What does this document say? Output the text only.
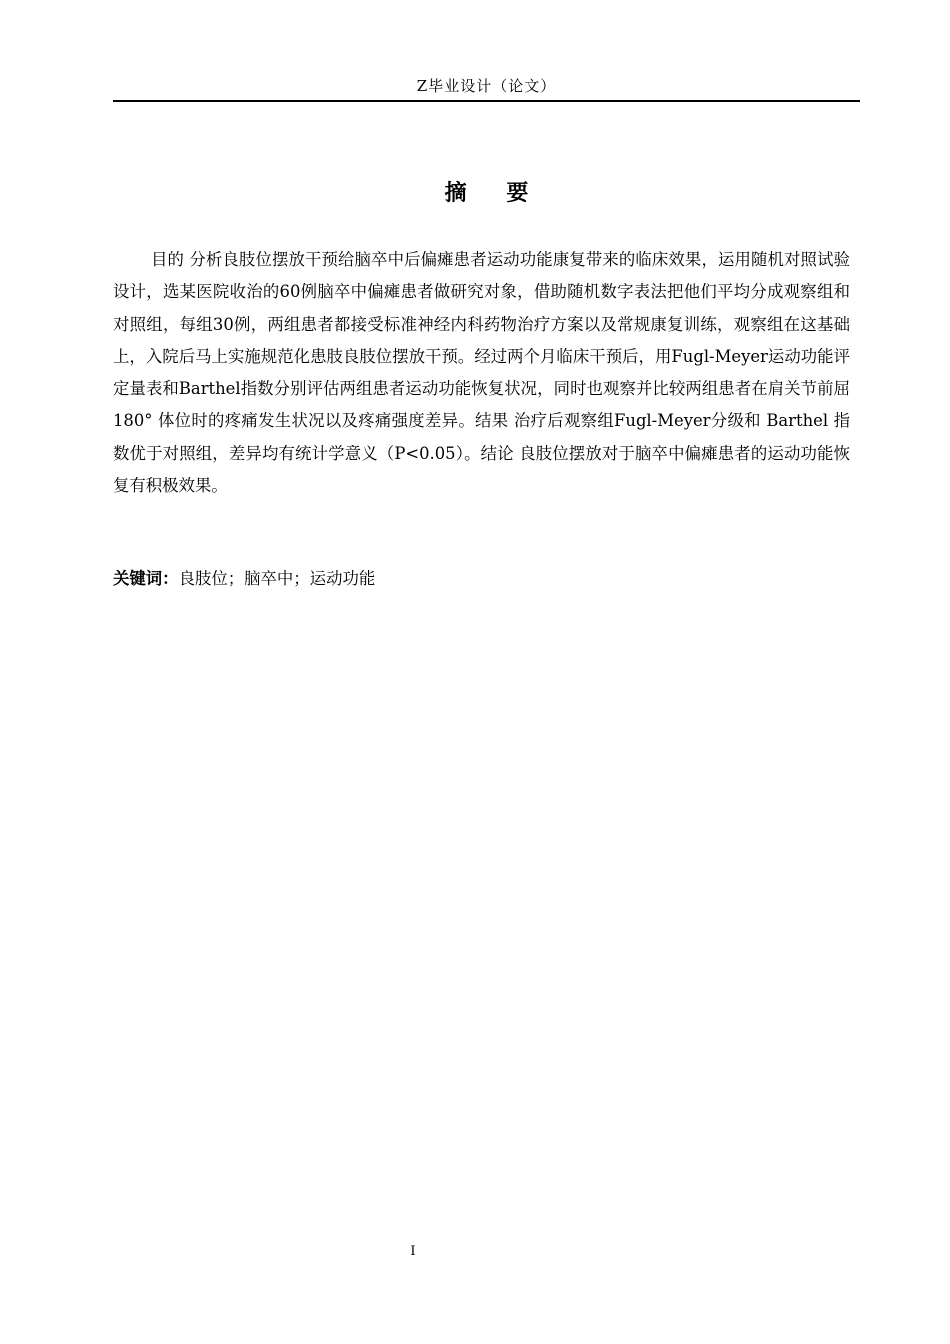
Z毕业设计（论文）
摘 要

目的 分析良肢位摆放干预给脑卒中后偏瘫患者运动功能康复带来的临床效果，运用随机对照试验设计，选某医院收治的60例脑卒中偏瘫患者做研究对象，借助随机数字表法把他们平均分成观察组和对照组，每组30例，两组患者都接受标准神经内科药物治疗方案以及常规康复训练，观察组在这基础上，入院后马上实施规范化患肢良肢位摆放干预。经过两个月临床干预后，用Fugl-Meyer运动功能评定量表和Barthel指数分别评估两组患者运动功能恢复状况，同时也观察并比较两组患者在肩关节前屈180° 体位时的疼痛发生状况以及疼痛强度差异。结果 治疗后观察组Fugl-Meyer分级和 Barthel 指数优于对照组，差异均有统计学意义（P<0.05）。结论 良肢位摆放对于脑卒中偏瘫患者的运动功能恢复有积极效果。

关键词：良肢位；脑卒中；运动功能
I
